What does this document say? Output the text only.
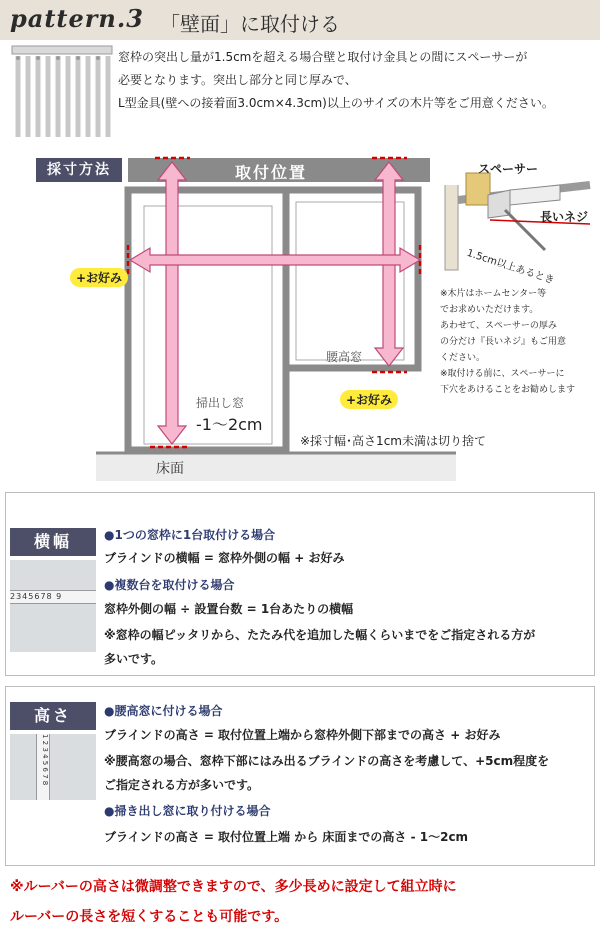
pattern.3 「壁面」に取付ける
窓枠の突出し量が1.5cmを超える場合壁と取付け金具との間にスペーサーが
必要となります。突出し部分と同じ厚みで、
L型金具(壁への接着面3.0cm×4.3cm)以上のサイズの木片等をご用意ください。
採寸方法	取付位置
+お好み
+お好み
腰高窓
掃出し窓
-1～2cm
床面
※採寸幅･高さ1cm未満は切り捨て
スペーサー
長いネジ
1.5cm以上あるとき
※木片はホームセンター等
でお求めいただけます。
あわせて、スペーサーの厚み
の分だけ『長いネジ』もご用意
ください。
※取付ける前に、スペーサーに
下穴をあけることをお勧めします
横幅
2345678 9
●1つの窓枠に1台取付ける場合
ブラインドの横幅 = 窓枠外側の幅 + お好み
●複数台を取付ける場合
窓枠外側の幅 ÷ 設置台数 = 1台あたりの横幅
※窓枠の幅ピッタリから、たたみ代を追加した幅くらいまでをご指定される方が
多いです。
高さ
1 2 3 4 5 6 7 8
●腰高窓に付ける場合
ブラインドの高さ = 取付位置上端から窓枠外側下部までの高さ + お好み
※腰高窓の場合、窓枠下部にはみ出るブラインドの高さを考慮して、+5cm程度を
ご指定される方が多いです。
●掃き出し窓に取り付ける場合
ブラインドの高さ = 取付位置上端 から 床面までの高さ - 1～2cm
※ルーバーの高さは微調整できますので、多少長めに設定して組立時に
ルーバーの長さを短くすることも可能です。
